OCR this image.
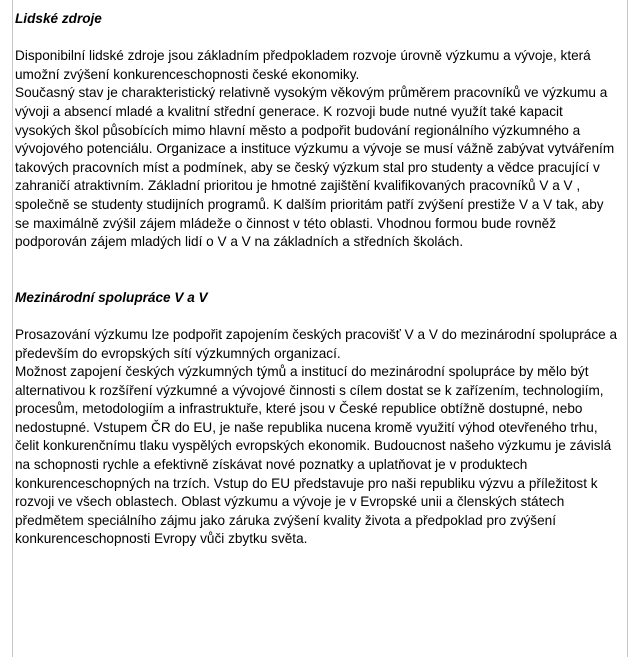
Lidské zdroje

Disponibilní lidské zdroje jsou základním předpokladem rozvoje úrovně výzkumu a vývoje, která umožní zvýšení konkurenceschopnosti české ekonomiky.

Současný stav je charakteristický relativně vysokým věkovým průměrem pracovníků ve výzkumu a vývoji a absencí mladé a kvalitní střední generace. K rozvoji bude nutné využít také kapacit vysokých škol působících mimo hlavní město a podpořit budování regionálního výzkumného a vývojového potenciálu. Organizace a instituce výzkumu a vývoje se musí vážně zabývat vytvářením takových pracovních míst a podmínek, aby se český výzkum stal pro studenty a vědce pracující v zahraničí atraktivním. Základní prioritou je hmotné zajištění kvalifikovaných pracovníků V a V , společně se studenty studijních programů. K dalším prioritám patří zvýšení prestiže V a V tak, aby se maximálně zvýšil zájem mládeže o činnost v této oblasti. Vhodnou formou bude rovněž podporován zájem mladých lidí o V a V na základních a středních školách.

Mezinárodní spolupráce V a V

Prosazování výzkumu lze podpořit zapojením českých pracovišť V a V do mezinárodní spolupráce a především do evropských sítí výzkumných organizací.

Možnost zapojení českých výzkumných týmů a institucí do mezinárodní spolupráce by mělo být alternativou k rozšíření výzkumné a vývojové činnosti s cílem dostat se k zařízením, technologiím, procesům, metodologiím a infrastruktuře, které jsou v České republice obtížně dostupné, nebo nedostupné. Vstupem ČR do EU, je naše republika nucena kromě využití výhod otevřeného trhu, čelit konkurenčnímu tlaku vyspělých evropských ekonomik. Budoucnost našeho výzkumu je závislá na schopnosti rychle a efektivně získávat nové poznatky a uplatňovat je v produktech konkurenceschopných na trzích. Vstup do EU představuje pro naši republiku výzvu a příležitost k rozvoji ve všech oblastech. Oblast výzkumu a vývoje je v Evropské unii a členských státech předmětem speciálního zájmu jako záruka zvýšení kvality života a předpoklad pro zvýšení konkurenceschopnosti Evropy vůči zbytku světa.
